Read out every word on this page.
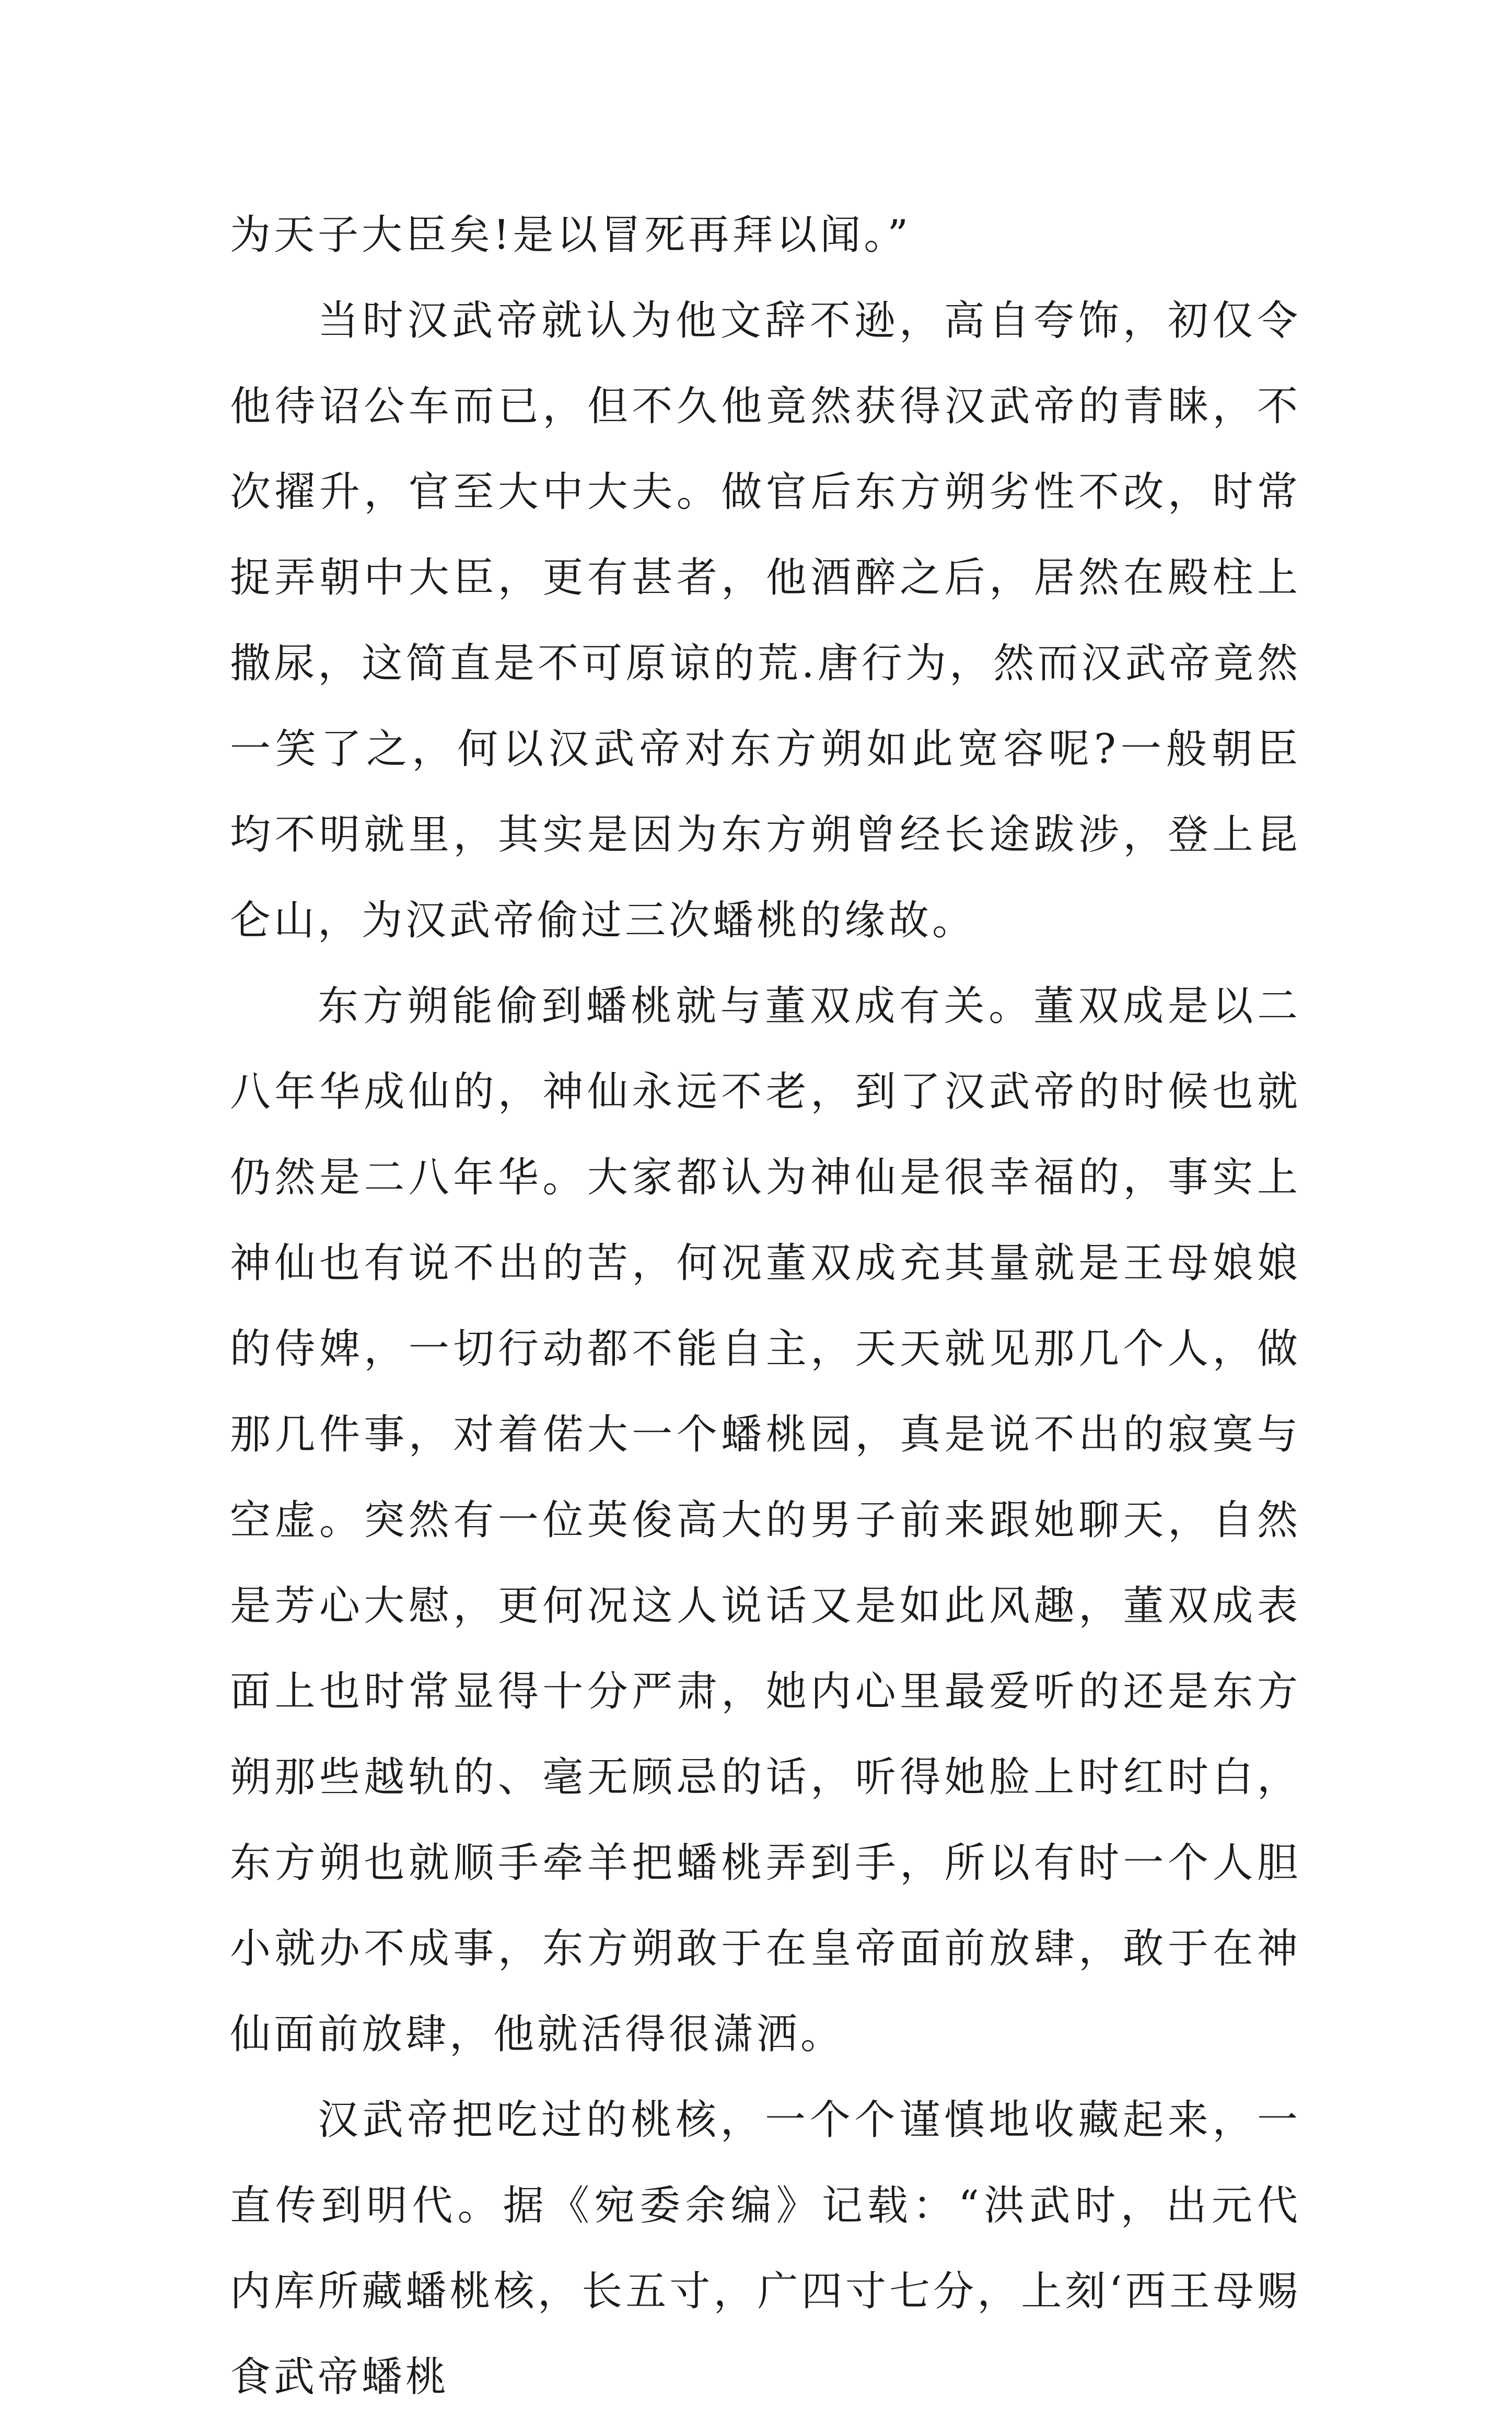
为天子大臣矣!是以冒死再拜以闻。”

当时汉武帝就认为他文辞不逊，高自夸饰，初仅令他待诏公车而已，但不久他竟然获得汉武帝的青睐，不次擢升，官至大中大夫。做官后东方朔劣性不改，时常捉弄朝中大臣，更有甚者，他酒醉之后，居然在殿柱上撒尿，这简直是不可原谅的荒.唐行为，然而汉武帝竟然一笑了之，何以汉武帝对东方朔如此宽容呢?一般朝臣均不明就里，其实是因为东方朔曾经长途跋涉，登上昆仑山，为汉武帝偷过三次蟠桃的缘故。

东方朔能偷到蟠桃就与董双成有关。董双成是以二八年华成仙的，神仙永远不老，到了汉武帝的时候也就仍然是二八年华。大家都认为神仙是很幸福的，事实上神仙也有说不出的苦，何况董双成充其量就是王母娘娘的侍婢，一切行动都不能自主，天天就见那几个人，做那几件事，对着偌大一个蟠桃园，真是说不出的寂寞与空虚。突然有一位英俊高大的男子前来跟她聊天，自然是芳心大慰，更何况这人说话又是如此风趣，董双成表面上也时常显得十分严肃，她内心里最爱听的还是东方朔那些越轨的、毫无顾忌的话，听得她脸上时红时白，东方朔也就顺手牵羊把蟠桃弄到手，所以有时一个人胆小就办不成事，东方朔敢于在皇帝面前放肆，敢于在神仙面前放肆，他就活得很潇洒。

汉武帝把吃过的桃核，一个个谨慎地收藏起来，一直传到明代。据《宛委余编》记载：“洪武时，出元代内库所藏蟠桃核，长五寸，广四寸七分，上刻‘西王母赐食武帝蟠桃
